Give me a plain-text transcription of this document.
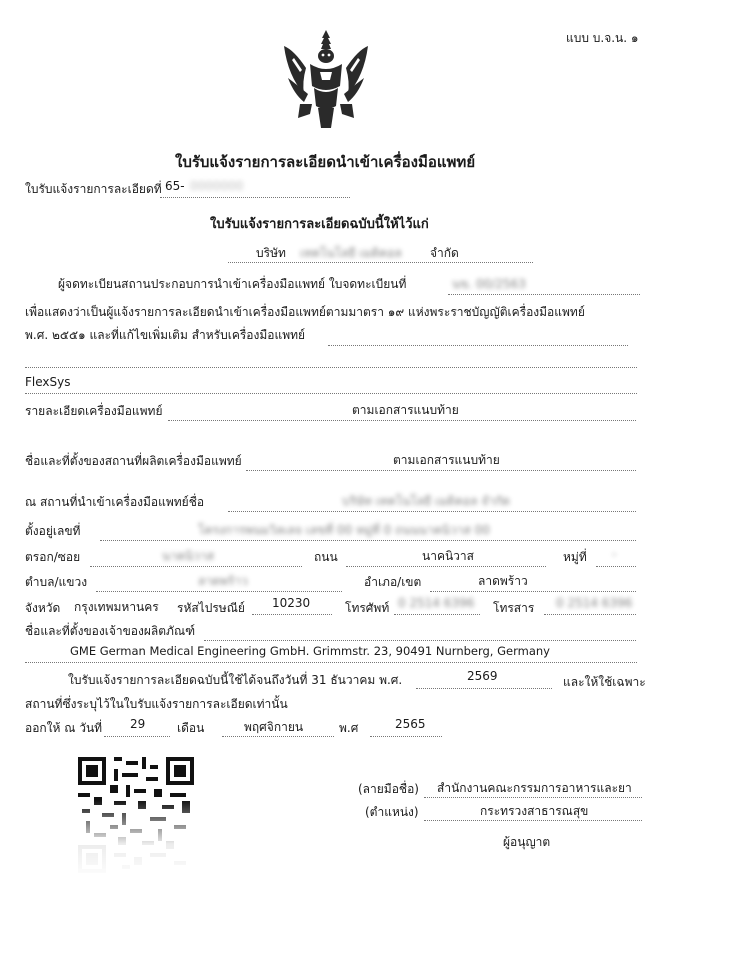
แบบ บ.จ.น. ๑
ใบรับแจ้งรายการละเอียดนำเข้าเครื่องมือแพทย์
ใบรับแจ้งรายการละเอียดที่ 65- 0000000
ใบรับแจ้งรายการละเอียดฉบับนี้ให้ไว้แก่
บริษัท เทคโนโลยี เมดิคอล จำกัด
ผู้จดทะเบียนสถานประกอบการนำเข้าเครื่องมือแพทย์ ใบจดทะเบียนที่	นข. 00/2563
เพื่อแสดงว่าเป็นผู้แจ้งรายการละเอียดนำเข้าเครื่องมือแพทย์ตามมาตรา ๑๙ แห่งพระราชบัญญัติเครื่องมือแพทย์
พ.ศ. ๒๕๕๑ และที่แก้ไขเพิ่มเติม สำหรับเครื่องมือแพทย์
FlexSys
รายละเอียดเครื่องมือแพทย์	ตามเอกสารแนบท้าย
ชื่อและที่ตั้งของสถานที่ผลิตเครื่องมือแพทย์	ตามเอกสารแนบท้าย
ณ สถานที่นำเข้าเครื่องมือแพทย์ชื่อ	บริษัท เทคโนโลยี เมดิคอล จำกัด
ตั้งอยู่เลขที่	โครงการพนมวิลเลจ เลขที่ 00 หมู่ที่ 0 ถนนนาคนิวาส 00
ตรอก/ซอย	นาคนิวาส	ถนน	นาคนิวาส	หมู่ที่ -
ตำบล/แขวง	ลาดพร้าว	อำเภอ/เขต	ลาดพร้าว
จังหวัด กรุงเทพมหานคร รหัสไปรษณีย์ 10230	โทรศัพท์ 0 2514 6396 โทรสาร 0 2514 6396
ชื่อและที่ตั้งของเจ้าของผลิตภัณฑ์
GME German Medical Engineering GmbH. Grimmstr. 23, 90491 Nurnberg, Germany
ใบรับแจ้งรายการละเอียดฉบับนี้ใช้ได้จนถึงวันที่ 31 ธันวาคม พ.ศ.	2569	และให้ใช้เฉพาะ
สถานที่ซึ่งระบุไว้ในใบรับแจ้งรายการละเอียดเท่านั้น
ออกให้ ณ วันที่ 29	เดือน	พฤศจิกายน	พ.ศ	2565
(ลายมือชื่อ) สำนักงานคณะกรรมการอาหารและยา
(ตำแหน่ง)	กระทรวงสาธารณสุข
ผู้อนุญาต
